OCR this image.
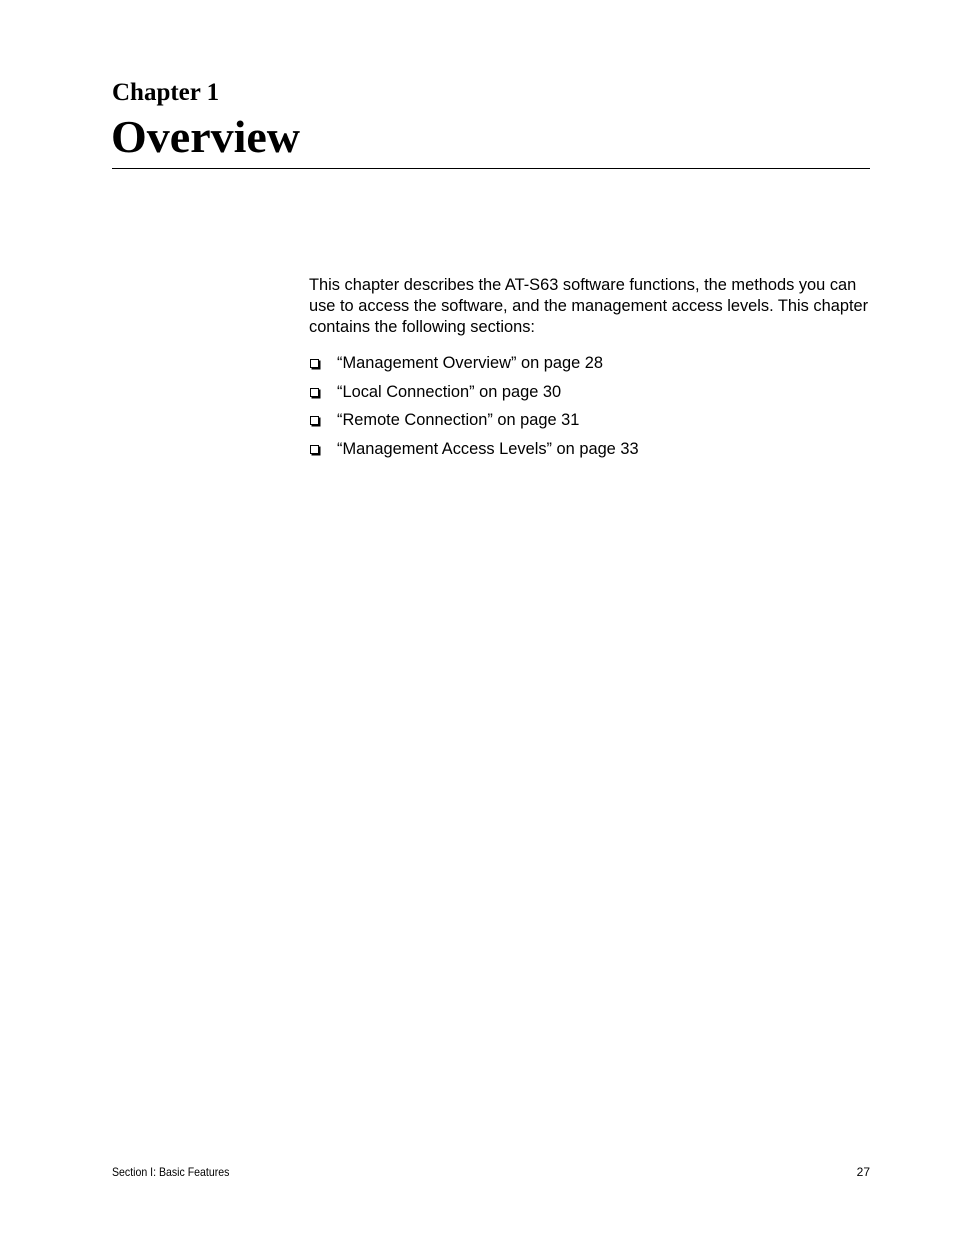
Chapter 1
Overview

This chapter describes the AT-S63 software functions, the methods you can use to access the software, and the management access levels. This chapter contains the following sections:

“Management Overview” on page 28
“Local Connection” on page 30
“Remote Connection” on page 31
“Management Access Levels” on page 33
Section I: Basic Features	27
